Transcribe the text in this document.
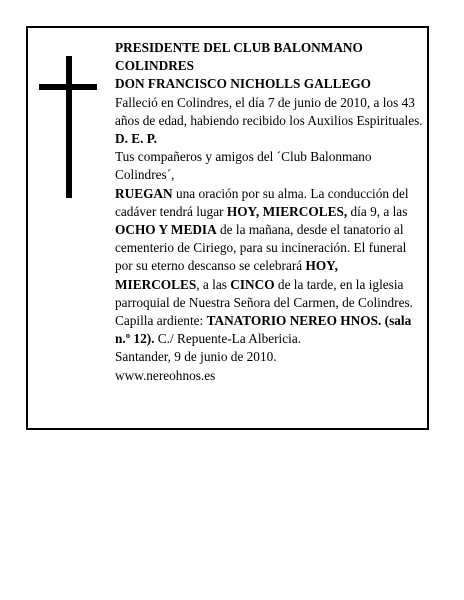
PRESIDENTE DEL CLUB BALONMANO COLINDRES

DON FRANCISCO NICHOLLS GALLEGO

Falleció en Colindres, el día 7 de junio de 2010, a los 43 años de edad, habiendo recibido los Auxilios Espirituales.

D. E. P.

Tus compañeros y amigos del ´Club Balonmano Colindres´,

RUEGAN una oración por su alma. La conducción del cadáver tendrá lugar HOY, MIERCOLES, día 9, a las OCHO Y MEDIA de la mañana, desde el tanatorio al cementerio de Ciriego, para su incineración. El funeral por su eterno descanso se celebrará HOY, MIERCOLES, a las CINCO de la tarde, en la iglesia parroquial de Nuestra Señora del Carmen, de Colindres.

Capilla ardiente: TANATORIO NEREO HNOS. (sala n.º 12). C./ Repuente-La Albericia.

Santander, 9 de junio de 2010.

www.nereohnos.es
